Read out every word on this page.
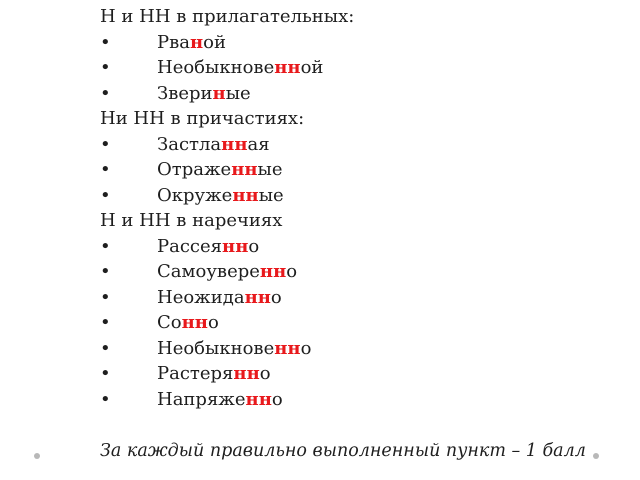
Н и НН в прилагательных:
•	Рваной
•	Необыкновенной
•	Звериные
Ни НН в причастиях:
•	Застланная
•	Отраженные
•	Окруженные
Н и НН в наречиях
•	Рассеянно
•	Самоуверенно
•	Неожиданно
•	Сонно
•	Необыкновенно
•	Растерянно
•	Напряженно
За каждый правильно выполненный пункт – 1 балл
